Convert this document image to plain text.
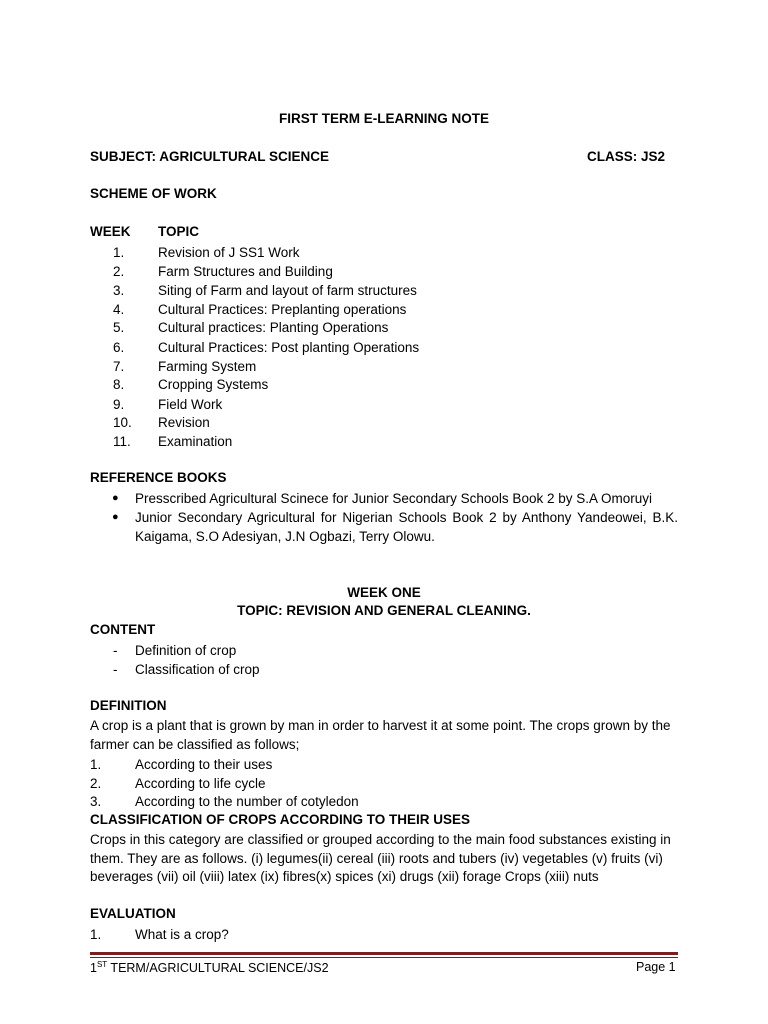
FIRST TERM E-LEARNING NOTE
SUBJECT: AGRICULTURAL SCIENCE	CLASS: JS2
SCHEME OF WORK
WEEK TOPIC
1. Revision of J SS1 Work
2. Farm Structures and Building
3. Siting of Farm and layout of farm structures
4. Cultural Practices: Preplanting operations
5. Cultural practices: Planting Operations
6. Cultural Practices: Post planting Operations
7. Farming System
8. Cropping Systems
9. Field Work
10. Revision
11. Examination
REFERENCE BOOKS
● Presscribed Agricultural Scinece for Junior Secondary Schools Book 2 by S.A Omoruyi
● Junior Secondary Agricultural for Nigerian Schools Book 2 by Anthony Yandeowei, B.K. Kaigama, S.O Adesiyan, J.N Ogbazi, Terry Olowu.
WEEK ONE
TOPIC: REVISION AND GENERAL CLEANING.
CONTENT
- Definition of crop
- Classification of crop
DEFINITION
A crop is a plant that is grown by man in order to harvest it at some point. The crops grown by the farmer can be classified as follows;
1. According to their uses
2. According to life cycle
3. According to the number of cotyledon
CLASSIFICATION OF CROPS ACCORDING TO THEIR USES
Crops in this category are classified or grouped according to the main food substances existing in them. They are as follows. (i) legumes(ii) cereal (iii) roots and tubers (iv) vegetables (v) fruits (vi) beverages (vii) oil (viii) latex (ix) fibres(x) spices (xi) drugs (xii) forage Crops (xiii) nuts
EVALUATION
1. What is a crop?
1ST TERM/AGRICULTURAL SCIENCE/JS2	Page 1
